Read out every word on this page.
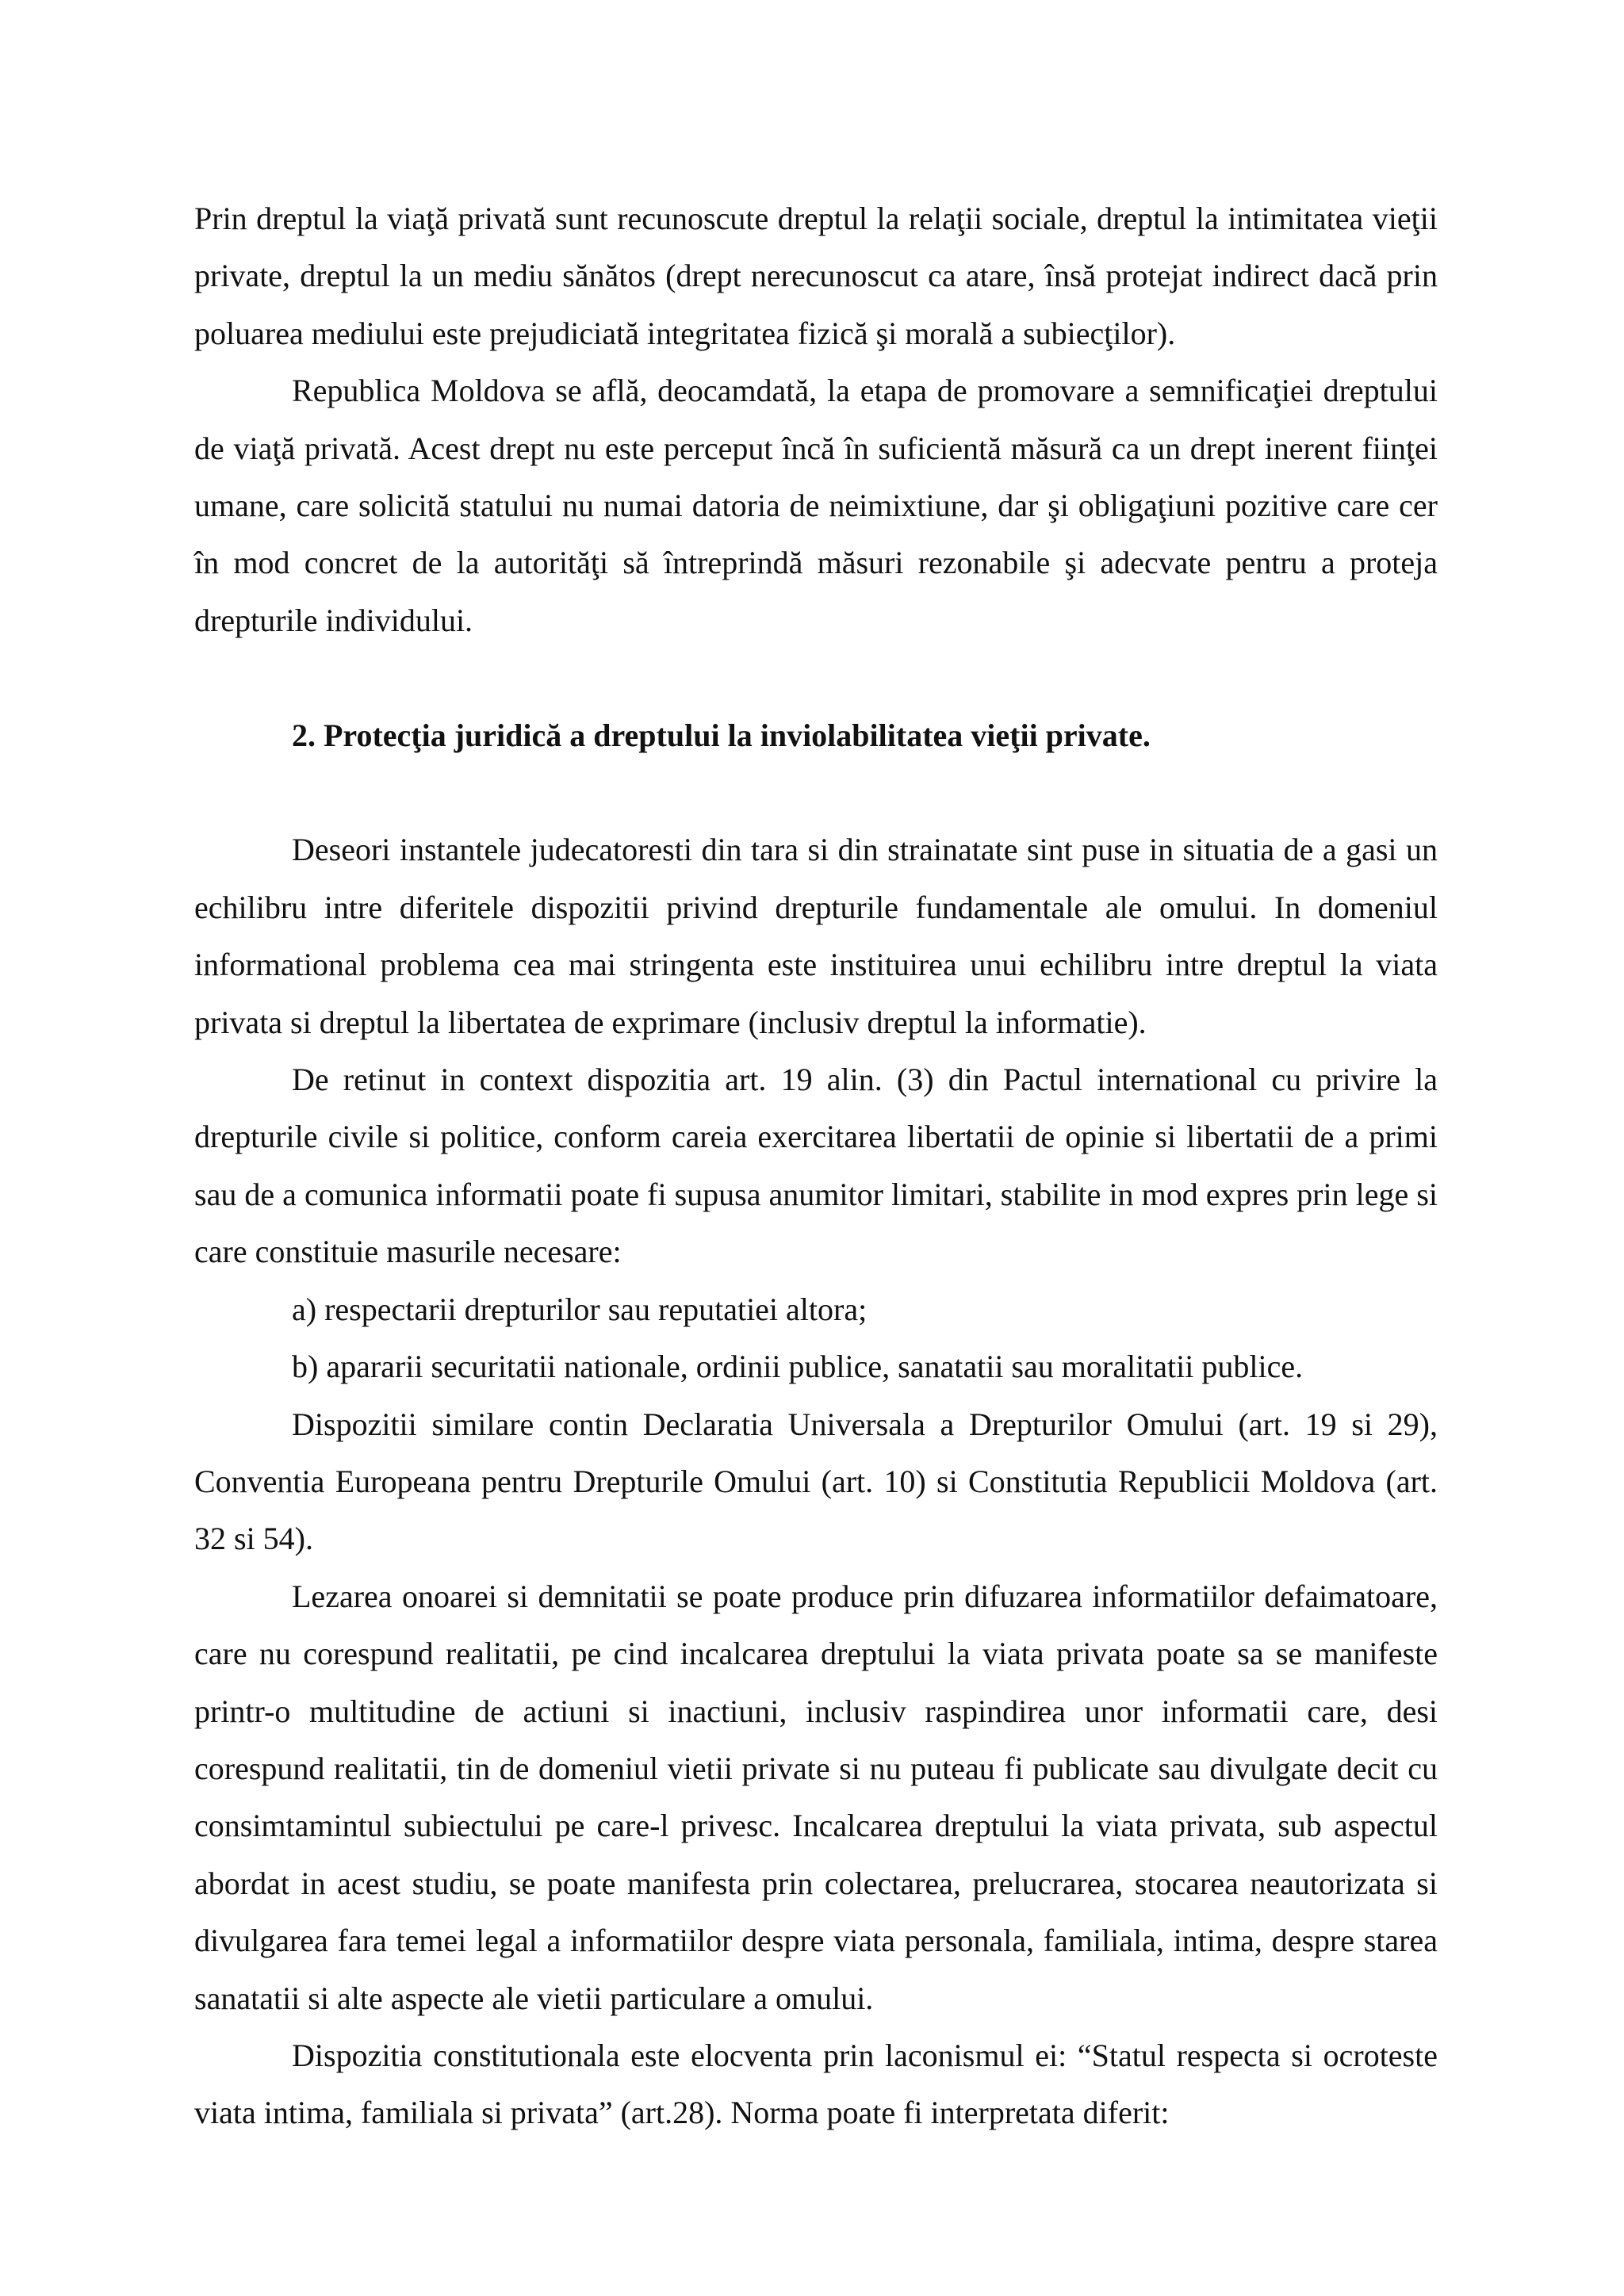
Prin dreptul la viaţă privată sunt recunoscute dreptul la relaţii sociale, dreptul la intimitatea vieţii private, dreptul la un mediu sănătos (drept nerecunoscut ca atare, însă protejat indirect dacă prin poluarea mediului este prejudiciată integritatea fizică şi morală a subiecţilor).

Republica Moldova se află, deocamdată, la etapa de promovare a semnificaţiei dreptului de viaţă privată. Acest drept nu este perceput încă în suficientă măsură ca un drept inerent fiinţei umane, care solicită statului nu numai datoria de neimixtiune, dar şi obligaţiuni pozitive care cer în mod concret de la autorităţi să întreprindă măsuri rezonabile şi adecvate pentru a proteja drepturile individului.

2. Protecţia juridică a dreptului la inviolabilitatea vieţii private.

Deseori instantele judecatoresti din tara si din strainatate sint puse in situatia de a gasi un echilibru intre diferitele dispozitii privind drepturile fundamentale ale omului. In domeniul informational problema cea mai stringenta este instituirea unui echilibru intre dreptul la viata privata si dreptul la libertatea de exprimare (inclusiv dreptul la informatie).

De retinut in context dispozitia art. 19 alin. (3) din Pactul international cu privire la drepturile civile si politice, conform careia exercitarea libertatii de opinie si libertatii de a primi sau de a comunica informatii poate fi supusa anumitor limitari, stabilite in mod expres prin lege si care constituie masurile necesare:

a) respectarii drepturilor sau reputatiei altora;

b) apararii securitatii nationale, ordinii publice, sanatatii sau moralitatii publice.

Dispozitii similare contin Declaratia Universala a Drepturilor Omului (art. 19 si 29), Conventia Europeana pentru Drepturile Omului (art. 10) si Constitutia Republicii Moldova (art. 32 si 54).

Lezarea onoarei si demnitatii se poate produce prin difuzarea informatiilor defaimatoare, care nu corespund realitatii, pe cind incalcarea dreptului la viata privata poate sa se manifeste printr-o multitudine de actiuni si inactiuni, inclusiv raspindirea unor informatii care, desi corespund realitatii, tin de domeniul vietii private si nu puteau fi publicate sau divulgate decit cu consimtamintul subiectului pe care-l privesc. Incalcarea dreptului la viata privata, sub aspectul abordat in acest studiu, se poate manifesta prin colectarea, prelucrarea, stocarea neautorizata si divulgarea fara temei legal a informatiilor despre viata personala, familiala, intima, despre starea sanatatii si alte aspecte ale vietii particulare a omului.

Dispozitia constitutionala este elocventa prin laconismul ei: “Statul respecta si ocroteste viata intima, familiala si privata” (art.28). Norma poate fi interpretata diferit:
